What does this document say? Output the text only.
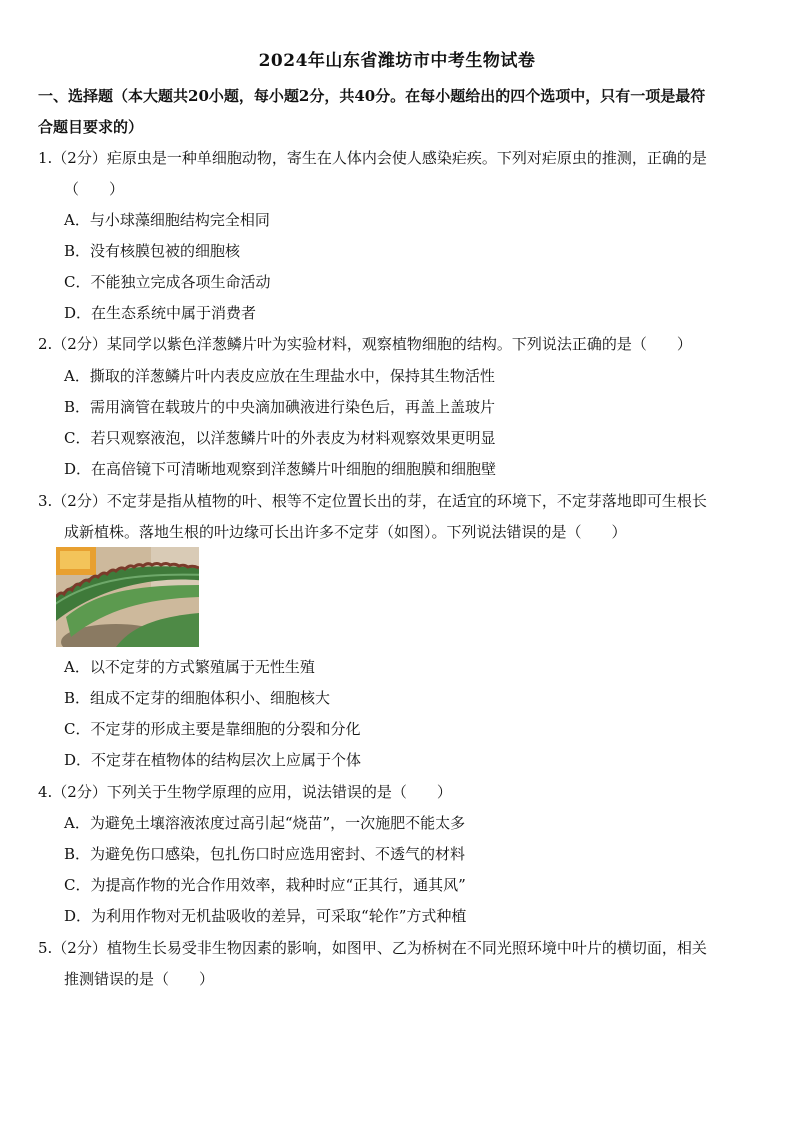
2024年山东省潍坊市中考生物试卷
一、选择题（本大题共20小题，每小题2分，共40分。在每小题给出的四个选项中，只有一项是最符
合题目要求的）
1.（2分）疟原虫是一种单细胞动物，寄生在人体内会使人感染疟疾。下列对疟原虫的推测，正确的是
（　　）
A．与小球藻细胞结构完全相同
B．没有核膜包被的细胞核
C．不能独立完成各项生命活动
D．在生态系统中属于消费者
2.（2分）某同学以紫色洋葱鳞片叶为实验材料，观察植物细胞的结构。下列说法正确的是（　　）
A．撕取的洋葱鳞片叶内表皮应放在生理盐水中，保持其生物活性
B．需用滴管在载玻片的中央滴加碘液进行染色后，再盖上盖玻片
C．若只观察液泡，以洋葱鳞片叶的外表皮为材料观察效果更明显
D．在高倍镜下可清晰地观察到洋葱鳞片叶细胞的细胞膜和细胞壁
3.（2分）不定芽是指从植物的叶、根等不定位置长出的芽，在适宜的环境下，不定芽落地即可生根长
成新植株。落地生根的叶边缘可长出许多不定芽（如图）。下列说法错误的是（　　）
A．以不定芽的方式繁殖属于无性生殖
B．组成不定芽的细胞体积小、细胞核大
C．不定芽的形成主要是靠细胞的分裂和分化
D．不定芽在植物体的结构层次上应属于个体
4.（2分）下列关于生物学原理的应用，说法错误的是（　　）
A．为避免土壤溶液浓度过高引起“烧苗”，一次施肥不能太多
B．为避免伤口感染，包扎伤口时应选用密封、不透气的材料
C．为提高作物的光合作用效率，栽种时应“正其行，通其风”
D．为利用作物对无机盐吸收的差异，可采取“轮作”方式种植
5.（2分）植物生长易受非生物因素的影响，如图甲、乙为桥树在不同光照环境中叶片的横切面，相关
推测错误的是（　　）
